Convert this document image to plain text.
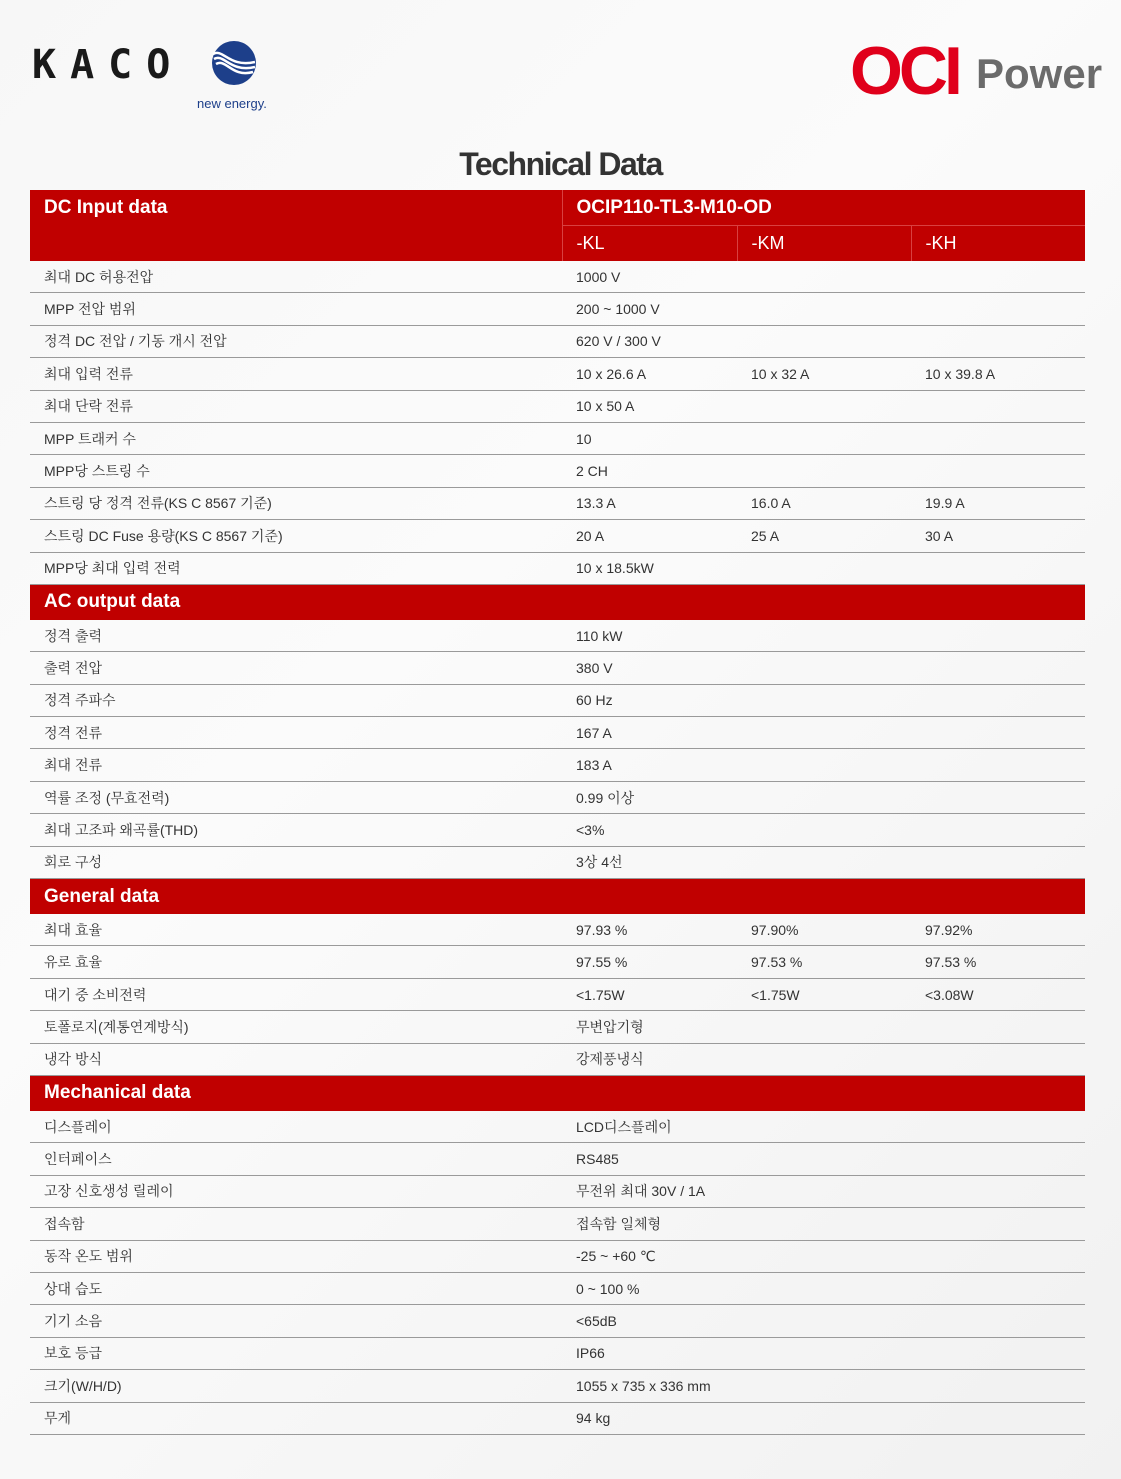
KACO
new energy.	OCI Power
Technical Data
DC Input data	OCIP110-TL3-M10-OD		
	-KL	-KM	-KH
최대 DC 허용전압	1000 V		
MPP 전압 범위	200 ~ 1000 V		
정격 DC 전압 / 기동 개시 전압	620 V / 300 V		
최대 입력 전류	10 x 26.6 A	10 x 32 A	10 x 39.8 A
최대 단락 전류	10 x 50 A		
MPP 트래커 수	10		
MPP당 스트링 수	2 CH		
스트링 당 정격 전류(KS C 8567 기준)	13.3 A	16.0 A	19.9 A
스트링 DC Fuse 용량(KS C 8567 기준)	20 A	25 A	30 A
MPP당 최대 입력 전력	10 x 18.5kW		
AC output data			
정격 출력	110 kW		
출력 전압	380 V		
정격 주파수	60 Hz		
정격 전류	167 A		
최대 전류	183 A		
역률 조정 (무효전력)	0.99 이상		
최대 고조파 왜곡률(THD)	<3%		
회로 구성	3상 4선		
General data			
최대 효율	97.93 %	97.90%	97.92%
유로 효율	97.55 %	97.53 %	97.53 %
대기 중 소비전력	<1.75W	<1.75W	<3.08W
토폴로지(계통연계방식)	무변압기형		
냉각 방식	강제풍냉식		
Mechanical data			
디스플레이	LCD디스플레이		
인터페이스	RS485		
고장 신호생성 릴레이	무전위 최대 30V / 1A		
접속함	접속함 일체형		
동작 온도 범위	-25 ~ +60 ℃		
상대 습도	0 ~ 100 %		
기기 소음	<65dB		
보호 등급	IP66		
크기(W/H/D)	1055 x 735 x 336 mm		
무게	94 kg		
